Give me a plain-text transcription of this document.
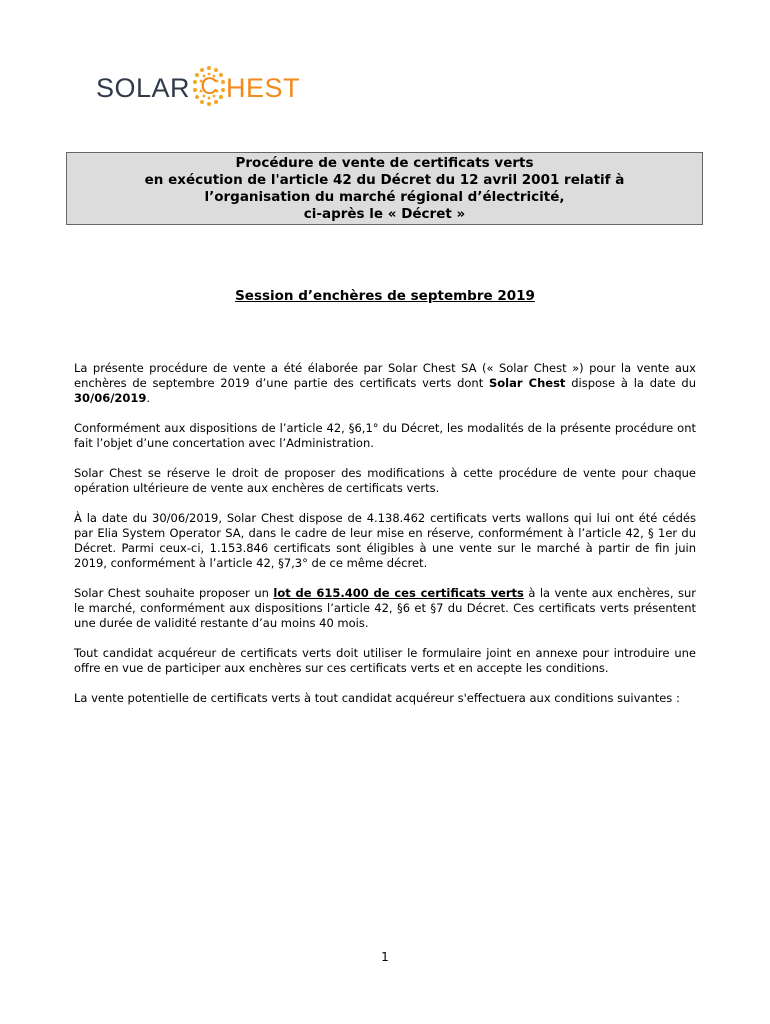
SOLAR C HEST
Procédure de vente de certificats verts
en exécution de l'article 42 du Décret du 12 avril 2001 relatif à
l’organisation du marché régional d’électricité,
ci-après le « Décret »
Session d’enchères de septembre 2019

La présente procédure de vente a été élaborée par Solar Chest SA (« Solar Chest ») pour la vente aux enchères de septembre 2019 d’une partie des certificats verts dont Solar Chest dispose à la date du 30/06/2019.

Conformément aux dispositions de l’article 42, §6,1° du Décret, les modalités de la présente procédure ont fait l’objet d’une concertation avec l’Administration.

Solar Chest se réserve le droit de proposer des modifications à cette procédure de vente pour chaque opération ultérieure de vente aux enchères de certificats verts.

À la date du 30/06/2019, Solar Chest dispose de 4.138.462 certificats verts wallons qui lui ont été cédés par Elia System Operator SA, dans le cadre de leur mise en réserve, conformément à l’article 42, § 1er du Décret. Parmi ceux-ci, 1.153.846 certificats sont éligibles à une vente sur le marché à partir de fin juin 2019, conformément à l’article 42, §7,3° de ce même décret.

Solar Chest souhaite proposer un lot de 615.400 de ces certificats verts à la vente aux enchères, sur le marché, conformément aux dispositions l’article 42, §6 et §7 du Décret. Ces certificats verts présentent une durée de validité restante d’au moins 40 mois.

Tout candidat acquéreur de certificats verts doit utiliser le formulaire joint en annexe pour introduire une offre en vue de participer aux enchères sur ces certificats verts et en accepte les conditions.

La vente potentielle de certificats verts à tout candidat acquéreur s'effectuera aux conditions suivantes :

1
